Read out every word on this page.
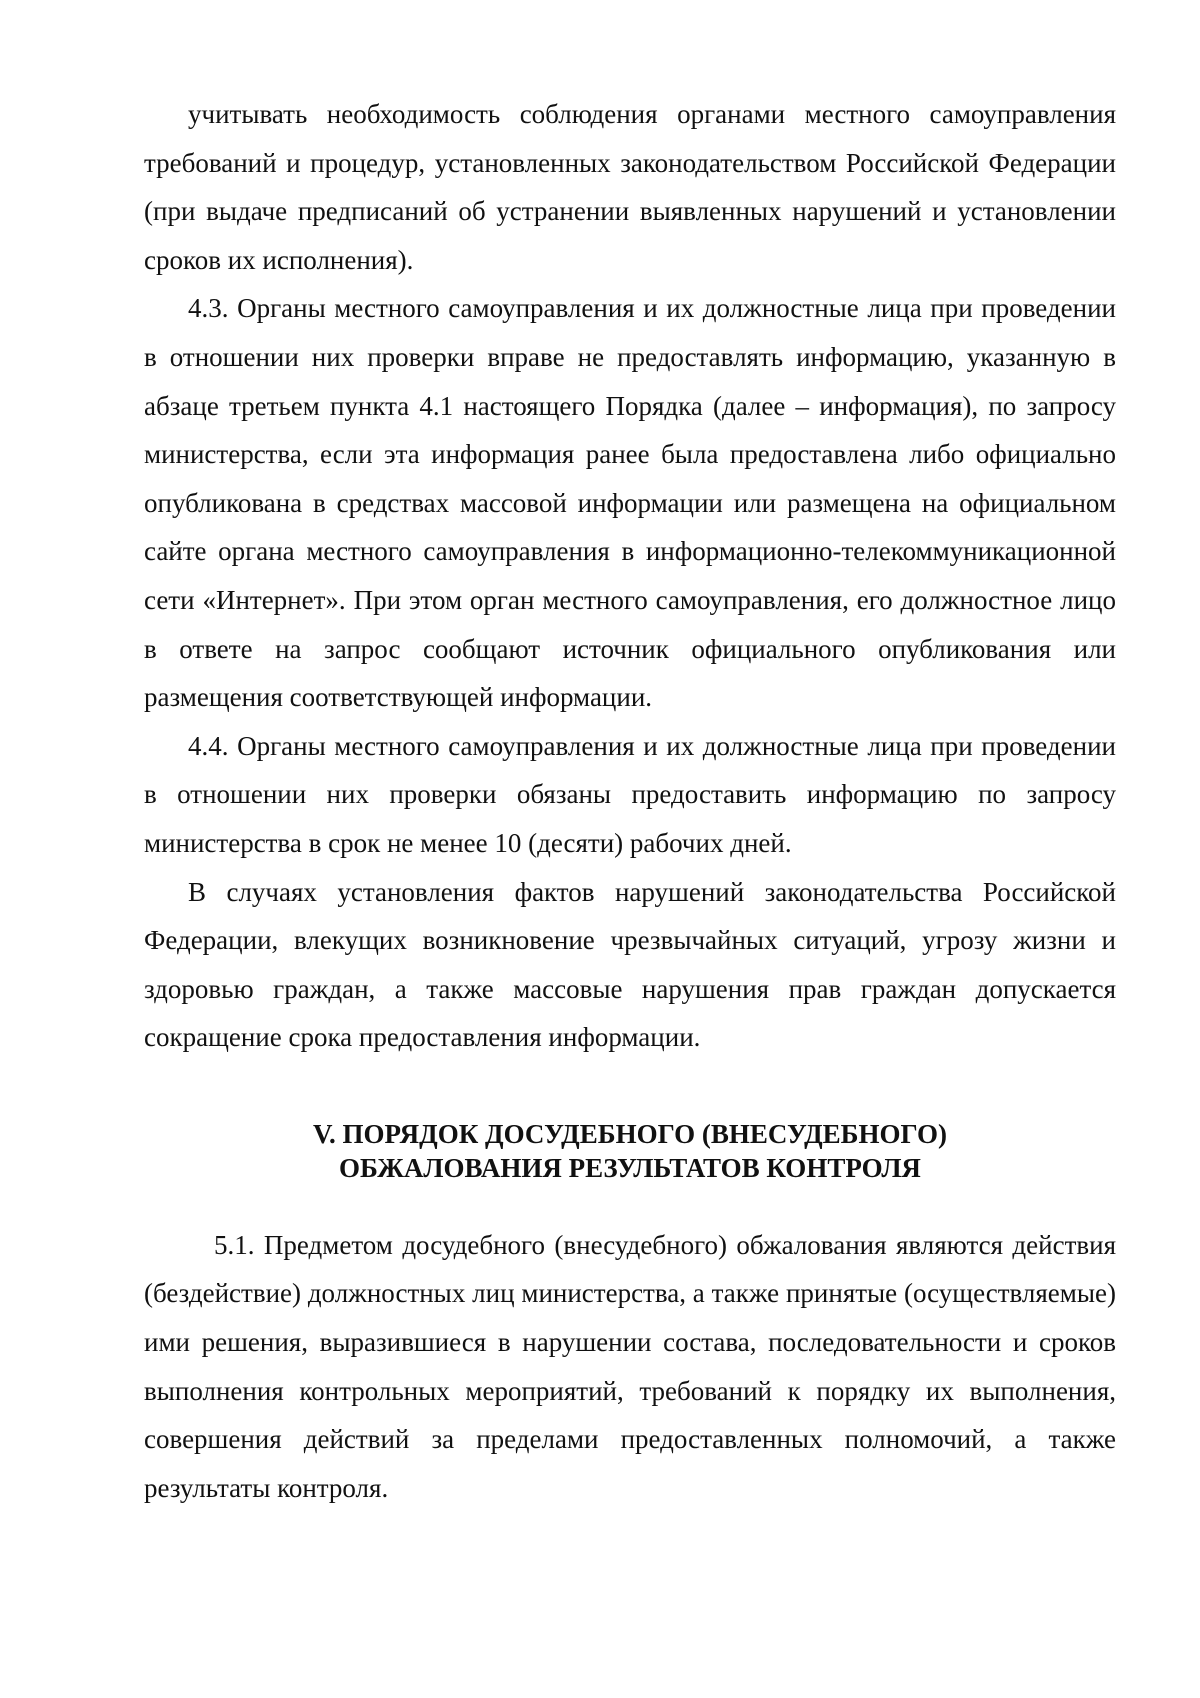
учитывать необходимость соблюдения органами местного самоуправления требований и процедур, установленных законодательством Российской Федерации (при выдаче предписаний об устранении выявленных нарушений и установлении сроков их исполнения).

4.3. Органы местного самоуправления и их должностные лица при проведении в отношении них проверки вправе не предоставлять информацию, указанную в абзаце третьем пункта 4.1 настоящего Порядка (далее – информация), по запросу министерства, если эта информация ранее была предоставлена либо официально опубликована в средствах массовой информации или размещена на официальном сайте органа местного самоуправления в информационно-телекоммуникационной сети «Интернет». При этом орган местного самоуправления, его должностное лицо в ответе на запрос сообщают источник официального опубликования или размещения соответствующей информации.

4.4. Органы местного самоуправления и их должностные лица при проведении в отношении них проверки обязаны предоставить информацию по запросу министерства в срок не менее 10 (десяти) рабочих дней.

В случаях установления фактов нарушений законодательства Российской Федерации, влекущих возникновение чрезвычайных ситуаций, угрозу жизни и здоровью граждан, а также массовые нарушения прав граждан допускается сокращение срока предоставления информации.

V. ПОРЯДОК ДОСУДЕБНОГО (ВНЕСУДЕБНОГО)
ОБЖАЛОВАНИЯ РЕЗУЛЬТАТОВ КОНТРОЛЯ

5.1. Предметом досудебного (внесудебного) обжалования являются действия (бездействие) должностных лиц министерства, а также принятые (осуществляемые) ими решения, выразившиеся в нарушении состава, последовательности и сроков выполнения контрольных мероприятий, требований к порядку их выполнения, совершения действий за пределами предоставленных полномочий, а также результаты контроля.
